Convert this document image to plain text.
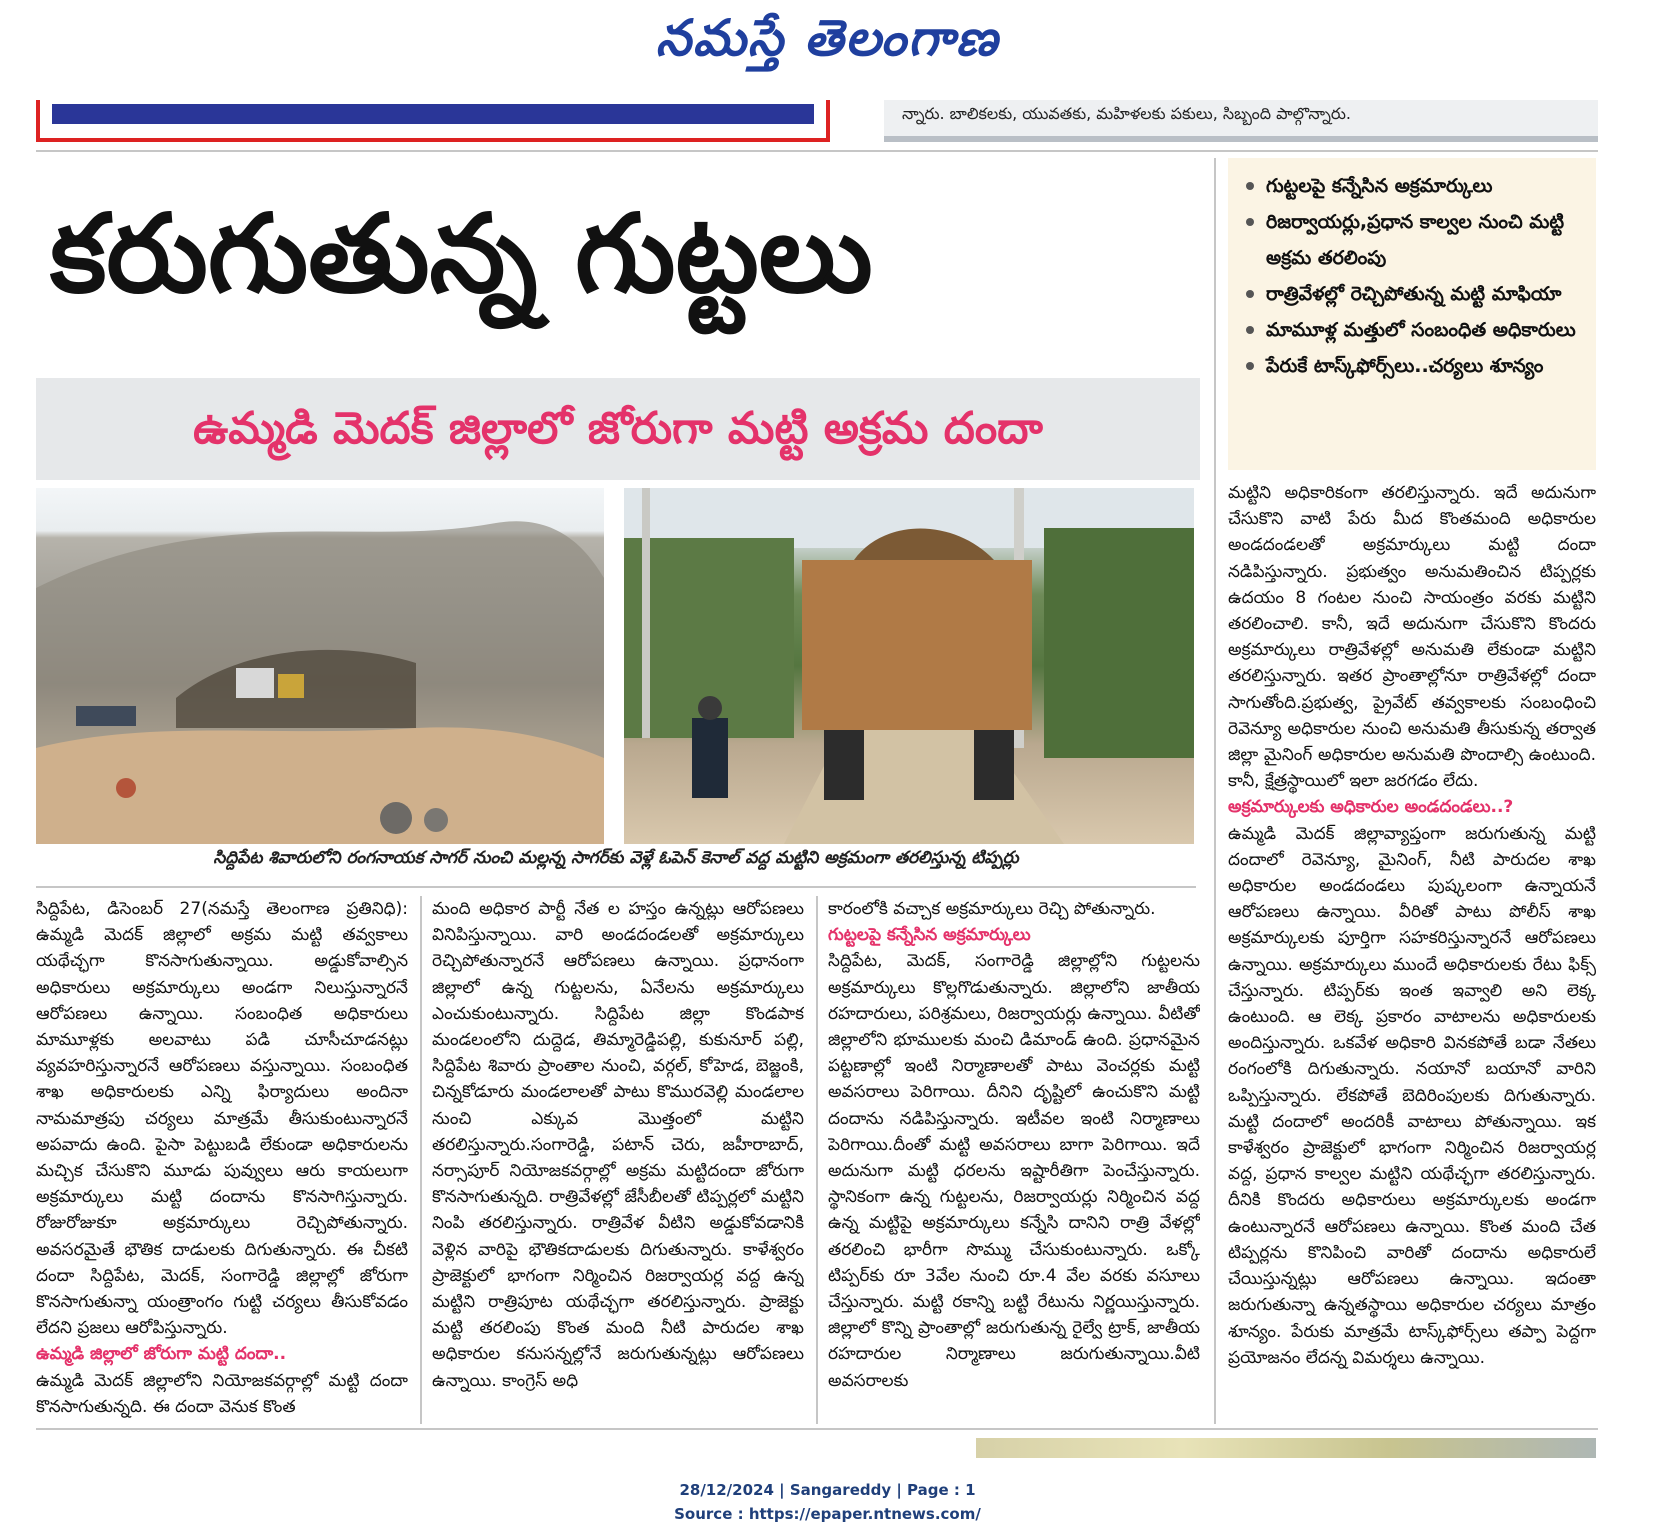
నమస్తే తెలంగాణ
న్నారు. బాలికలకు, యువతకు, మహిళలకు పకులు, సిబ్బంది పాల్గొన్నారు.
కరుగుతున్న గుట్టలు
ఉమ్మడి మెదక్ జిల్లాలో జోరుగా మట్టి అక్రమ దందా
గుట్టలపై కన్నేసిన అక్రమార్కులు
రిజర్వాయర్లు,ప్రధాన కాల్వల నుంచి మట్టి అక్రమ తరలింపు
రాత్రివేళల్లో రెచ్చిపోతున్న మట్టి మాఫియా
మామూళ్ల మత్తులో సంబంధిత అధికారులు
పేరుకే టాస్క్‌ఫోర్స్‌లు..చర్యలు శూన్యం
సిద్దిపేట శివారులోని రంగనాయక సాగర్ నుంచి మల్లన్న సాగర్‌కు వెళ్లే ఓపెన్ కెనాల్ వద్ద మట్టిని అక్రమంగా తరలిస్తున్న టిప్పర్లు

సిద్దిపేట, డిసెంబర్ 27(నమస్తే తెలంగాణ ప్రతినిధి): ఉమ్మడి మెదక్ జిల్లాలో అక్రమ మట్టి తవ్వకాలు యథేచ్ఛగా కొనసాగుతున్నాయి. అడ్డుకోవాల్సిన అధికారులు అక్రమార్కులు అండగా నిలుస్తున్నారనే ఆరోపణలు ఉన్నాయి. సంబంధిత అధికారులు మామూళ్లకు అలవాటు పడి చూసీచూడనట్లు వ్యవహరిస్తున్నారనే ఆరోపణలు వస్తున్నాయి. సంబంధిత శాఖ అధికారులకు ఎన్ని ఫిర్యాదులు అందినా నామమాత్రపు చర్యలు మాత్రమే తీసుకుంటున్నారనే అపవాదు ఉంది. పైసా పెట్టుబడి లేకుండా అధికారులను మచ్చిక చేసుకొని మూడు పువ్వులు ఆరు కాయలుగా అక్రమార్కులు మట్టి దందాను కొనసాగిస్తున్నారు. రోజురోజుకూ అక్రమార్కులు రెచ్చిపోతున్నారు. అవసరమైతే భౌతిక దాడులకు దిగుతున్నారు. ఈ చీకటి దందా సిద్దిపేట, మెదక్, సంగారెడ్డి జిల్లాల్లో జోరుగా కొనసాగుతున్నా యంత్రాంగం గుట్టి చర్యలు తీసుకోవడం లేదని ప్రజలు ఆరోపిస్తున్నారు.

ఉమ్మడి జిల్లాలో జోరుగా మట్టి దందా..

ఉమ్మడి మెదక్ జిల్లాలోని నియోజకవర్గాల్లో మట్టి దందా కొనసాగుతున్నది. ఈ దందా వెనుక కొంత

మంది అధికార పార్టీ నేత ల హస్తం ఉన్నట్లు ఆరోపణలు వినిపిస్తున్నాయి. వారి అండదండలతో అక్రమార్కులు రెచ్చిపోతున్నారనే ఆరోపణలు ఉన్నాయి. ప్రధానంగా జిల్లాలో ఉన్న గుట్టలను, ఏనేలను అక్రమార్కులు ఎంచుకుంటున్నారు. సిద్దిపేట జిల్లా కొండపాక మండలంలోని దుద్దెడ, తిమ్మారెడ్డిపల్లి, కుకునూర్ పల్లి, సిద్దిపేట శివారు ప్రాంతాల నుంచి, వర్గల్, కోహెడ, బెజ్జంకి, చిన్నకోడూరు మండలాలతో పాటు కొమురవెల్లి మండలాల నుంచి ఎక్కువ మొత్తంలో మట్టిని తరలిస్తున్నారు.సంగారెడ్డి, పటాన్ చెరు, జహీరాబాద్, నర్సాపూర్ నియోజకవర్గాల్లో అక్రమ మట్టిదందా జోరుగా కొనసాగుతున్నది. రాత్రివేళల్లో జేసీబీలతో టిప్పర్లలో మట్టిని నింపి తరలిస్తున్నారు. రాత్రివేళ వీటిని అడ్డుకోవడానికి వెళ్లిన వారిపై భౌతికదాడులకు దిగుతున్నారు. కాళేశ్వరం ప్రాజెక్టులో భాగంగా నిర్మించిన రిజర్వాయర్ల వద్ద ఉన్న మట్టిని రాత్రిపూట యథేచ్ఛగా తరలిస్తున్నారు. ప్రాజెక్టు మట్టి తరలింపు కొంత మంది నీటి పారుదల శాఖ అధికారుల కనుసన్నల్లోనే జరుగుతున్నట్లు ఆరోపణలు ఉన్నాయి. కాంగ్రెస్ అధి

కారంలోకి వచ్చాక అక్రమార్కులు రెచ్చి పోతున్నారు.

గుట్టలపై కన్నేసిన అక్రమార్కులు

సిద్దిపేట, మెదక్, సంగారెడ్డి జిల్లాల్లోని గుట్టలను అక్రమార్కులు కొల్లగొడుతున్నారు. జిల్లాలోని జాతీయ రహదారులు, పరిశ్రమలు, రిజర్వాయర్లు ఉన్నాయి. వీటితో జిల్లాలోని భూములకు మంచి డిమాండ్ ఉంది. ప్రధానమైన పట్టణాల్లో ఇంటి నిర్మాణాలతో పాటు వెంచర్లకు మట్టి అవసరాలు పెరిగాయి. దీనిని దృష్టిలో ఉంచుకొని మట్టి దందాను నడిపిస్తున్నారు. ఇటీవల ఇంటి నిర్మాణాలు పెరిగాయి.దీంతో మట్టి అవసరాలు బాగా పెరిగాయి. ఇదే అదునుగా మట్టి ధరలను ఇష్టారీతిగా పెంచేస్తున్నారు. స్థానికంగా ఉన్న గుట్టలను, రిజర్వాయర్లు నిర్మించిన వద్ద ఉన్న మట్టిపై అక్రమార్కులు కన్నేసి దానిని రాత్రి వేళల్లో తరలించి భారీగా సొమ్ము చేసుకుంటున్నారు. ఒక్కో టిప్పర్‌కు రూ 3వేల నుంచి రూ.4 వేల వరకు వసూలు చేస్తున్నారు. మట్టి రకాన్ని బట్టి రేటును నిర్ణయిస్తున్నారు. జిల్లాలో కొన్ని ప్రాంతాల్లో జరుగుతున్న రైల్వే ట్రాక్, జాతీయ రహదారుల నిర్మాణాలు జరుగుతున్నాయి.వీటి అవసరాలకు

మట్టిని అధికారికంగా తరలిస్తున్నారు. ఇదే అదునుగా చేసుకొని వాటి పేరు మీద కొంతమంది అధికారుల అండదండలతో అక్రమార్కులు మట్టి దందా నడిపిస్తున్నారు. ప్రభుత్వం అనుమతించిన టిప్పర్లకు ఉదయం 8 గంటల నుంచి సాయంత్రం వరకు మట్టిని తరలించాలి. కానీ, ఇదే అదునుగా చేసుకొని కొందరు అక్రమార్కులు రాత్రివేళల్లో అనుమతి లేకుండా మట్టిని తరలిస్తున్నారు. ఇతర ప్రాంతాల్లోనూ రాత్రివేళల్లో దందా సాగుతోంది.ప్రభుత్వ, ప్రైవేట్ తవ్వకాలకు సంబంధించి రెవెన్యూ అధికారుల నుంచి అనుమతి తీసుకున్న తర్వాత జిల్లా మైనింగ్ అధికారుల అనుమతి పొందాల్సి ఉంటుంది. కానీ, క్షేత్రస్థాయిలో ఇలా జరగడం లేదు.

అక్రమార్కులకు అధికారుల అండదండలు..?

ఉమ్మడి మెదక్ జిల్లావ్యాప్తంగా జరుగుతున్న మట్టి దందాలో రెవెన్యూ, మైనింగ్, నీటి పారుదల శాఖ అధికారుల అండదండలు పుష్కలంగా ఉన్నాయనే ఆరోపణలు ఉన్నాయి. వీరితో పాటు పోలీస్ శాఖ అక్రమార్కులకు పూర్తిగా సహకరిస్తున్నారనే ఆరోపణలు ఉన్నాయి. అక్రమార్కులు ముందే అధికారులకు రేటు ఫిక్స్ చేస్తున్నారు. టిప్పర్‌కు ఇంత ఇవ్వాలి అని లెక్క ఉంటుంది. ఆ లెక్క ప్రకారం వాటాలను అధికారులకు అందిస్తున్నారు. ఒకవేళ అధికారి వినకపోతే బడా నేతలు రంగంలోకి దిగుతున్నారు. నయానో బయానో వారిని ఒప్పిస్తున్నారు. లేకపోతే బెదిరింపులకు దిగుతున్నారు. మట్టి దందాలో అందరికీ వాటాలు పోతున్నాయి. ఇక కాళేశ్వరం ప్రాజెక్టులో భాగంగా నిర్మించిన రిజర్వాయర్ల వద్ద, ప్రధాన కాల్వల మట్టిని యథేచ్ఛగా తరలిస్తున్నారు. దీనికి కొందరు అధికారులు అక్రమార్కులకు అండగా ఉంటున్నారనే ఆరోపణలు ఉన్నాయి. కొంత మంది చేత టిప్పర్లను కొనిపించి వారితో దందాను అధికారులే చేయిస్తున్నట్లు ఆరోపణలు ఉన్నాయి. ఇదంతా జరుగుతున్నా ఉన్నతస్థాయి అధికారుల చర్యలు మాత్రం శూన్యం. పేరుకు మాత్రమే టాస్క్‌ఫోర్స్‌లు తప్పా పెద్దగా ప్రయోజనం లేదన్న విమర్శలు ఉన్నాయి.

28/12/2024 | Sangareddy | Page : 1
Source : https://epaper.ntnews.com/
